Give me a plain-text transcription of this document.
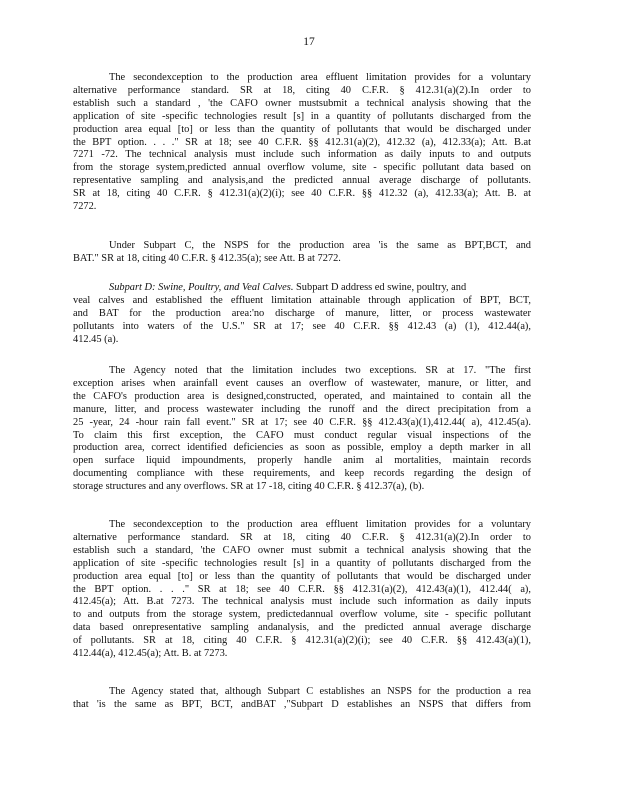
17
The secondexception to the production area effluent limitation provides for a voluntary
alternative performance standard. SR at 18, citing 40 C.F.R. § 412.31(a)(2).In order to
establish such a standard , 'the CAFO owner mustsubmit a technical analysis showing that the
application of site -specific technologies result [s] in a quantity of pollutants discharged from the
production area equal [to] or less than the quantity of pollutants that would be discharged under
the BPT option. . . ." SR at 18; see 40 C.F.R. §§ 412.31(a)(2), 412.32 (a), 412.33(a); Att. B.at
7271 -72. The technical analysis must include such information as daily inputs to and outputs
from the storage system,predicted annual overflow volume, site - specific pollutant data based on
representative sampling and analysis,and the predicted annual average discharge of pollutants.
SR at 18, citing 40 C.F.R. § 412.31(a)(2)(i); see 40 C.F.R. §§ 412.32 (a), 412.33(a); Att. B. at
7272.
Under Subpart C, the NSPS for the production area 'is the same as BPT,BCT, and
BAT." SR at 18, citing 40 C.F.R. § 412.35(a); see Att. B at 7272.
Subpart D: Swine, Poultry, and Veal Calves. Subpart D address ed swine, poultry, and
veal calves and established the effluent limitation attainable through application of BPT, BCT,
and BAT for the production area:'no discharge of manure, litter, or process wastewater
pollutants into waters of the U.S." SR at 17; see 40 C.F.R. §§ 412.43 (a) (1), 412.44(a),
412.45 (a).
The Agency noted that the limitation includes two exceptions. SR at 17. "The first
exception arises when arainfall event causes an overflow of wastewater, manure, or litter, and
the CAFO's production area is designed,constructed, operated, and maintained to contain all the
manure, litter, and process wastewater including the runoff and the direct precipitation from a
25 -year, 24 -hour rain fall event." SR at 17; see 40 C.F.R. §§ 412.43(a)(1),412.44( a), 412.45(a).
To claim this first exception, the CAFO must conduct regular visual inspections of the
production area, correct identified deficiencies as soon as possible, employ a depth marker in all
open surface liquid impoundments, properly handle anim al mortalities, maintain records
documenting compliance with these requirements, and keep records regarding the design of
storage structures and any overflows. SR at 17 -18, citing 40 C.F.R. § 412.37(a), (b).
The secondexception to the production area effluent limitation provides for a voluntary
alternative performance standard. SR at 18, citing 40 C.F.R. § 412.31(a)(2).In order to
establish such a standard, 'the CAFO owner must submit a technical analysis showing that the
application of site -specific technologies result [s] in a quantity of pollutants discharged from the
production area equal [to] or less than the quantity of pollutants that would be discharged under
the BPT option. . . ." SR at 18; see 40 C.F.R. §§ 412.31(a)(2), 412.43(a)(1), 412.44( a),
412.45(a); Att. B.at 7273. The technical analysis must include such information as daily inputs
to and outputs from the storage system, predictedannual overflow volume, site - specific pollutant
data based onrepresentative sampling andanalysis, and the predicted annual average discharge
of pollutants. SR at 18, citing 40 C.F.R. § 412.31(a)(2)(i); see 40 C.F.R. §§ 412.43(a)(1),
412.44(a), 412.45(a); Att. B. at 7273.
The Agency stated that, although Subpart C establishes an NSPS for the production a rea
that 'is the same as BPT, BCT, andBAT ,"Subpart D establishes an NSPS that differs from
